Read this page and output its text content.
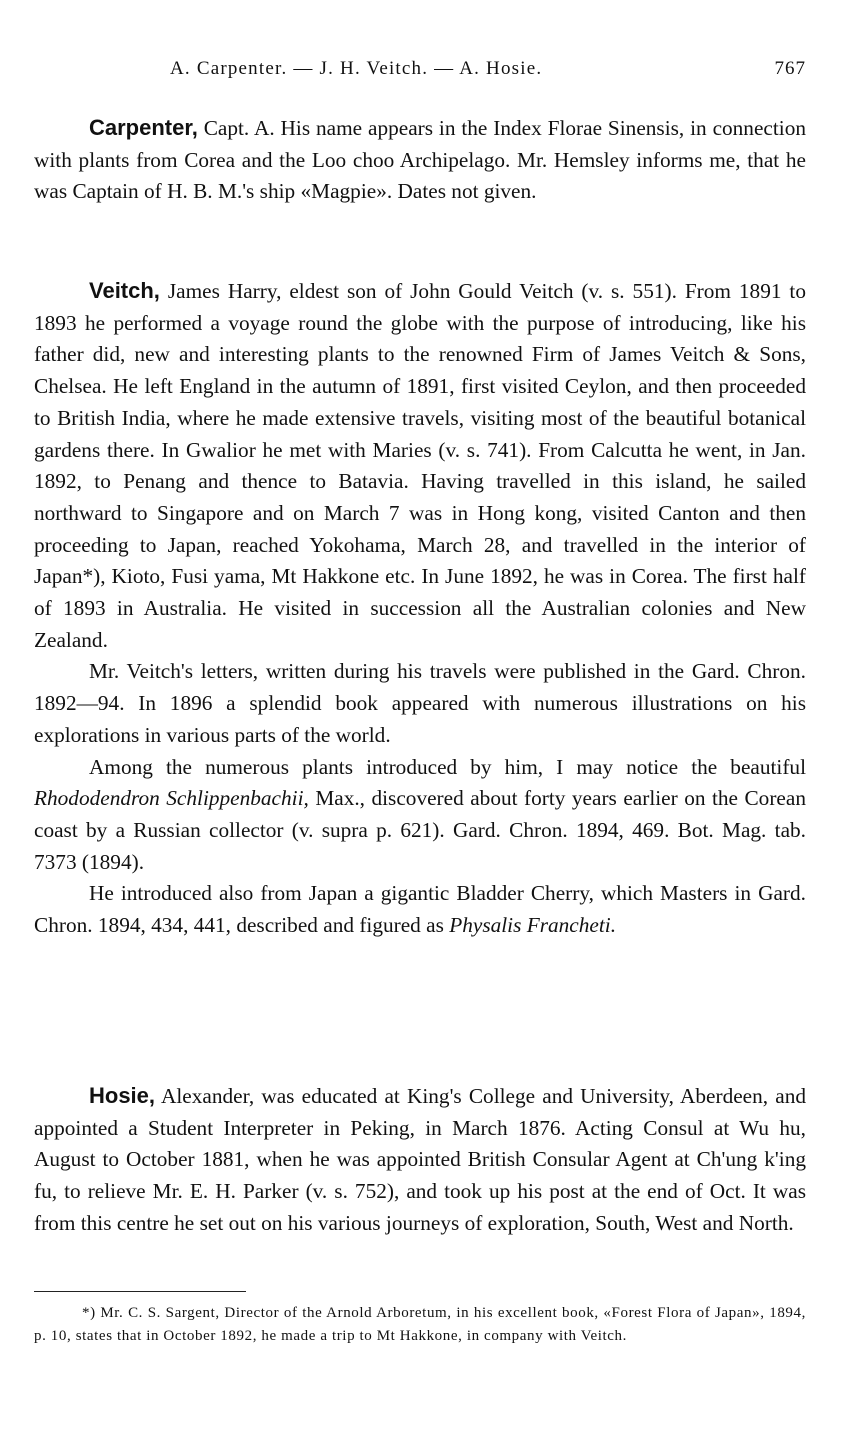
A. Carpenter. — J. H. Veitch. — A. Hosie.	767

Carpenter, Capt. A. His name appears in the Index Florae Sinensis, in connection with plants from Corea and the Loo choo Archipelago. Mr. Hemsley informs me, that he was Captain of H. B. M.'s ship «Magpie». Dates not given.

Veitch, James Harry, eldest son of John Gould Veitch (v. s. 551). From 1891 to 1893 he performed a voyage round the globe with the purpose of introducing, like his father did, new and interesting plants to the renowned Firm of James Veitch & Sons, Chelsea. He left England in the autumn of 1891, first visited Ceylon, and then proceeded to British India, where he made extensive travels, visiting most of the beautiful botanical gardens there. In Gwalior he met with Maries (v. s. 741). From Calcutta he went, in Jan. 1892, to Penang and thence to Batavia. Having travelled in this island, he sailed northward to Singapore and on March 7 was in Hong kong, visited Canton and then proceeding to Japan, reached Yokohama, March 28, and travelled in the interior of Japan*), Kioto, Fusi yama, Mt Hakkone etc. In June 1892, he was in Corea. The first half of 1893 in Australia. He visited in succession all the Australian colonies and New Zealand.

Mr. Veitch's letters, written during his travels were published in the Gard. Chron. 1892—94. In 1896 a splendid book appeared with numerous illustrations on his explorations in various parts of the world.

Among the numerous plants introduced by him, I may notice the beautiful Rhododendron Schlippenbachii, Max., discovered about forty years earlier on the Corean coast by a Russian collector (v. supra p. 621). Gard. Chron. 1894, 469. Bot. Mag. tab. 7373 (1894).

He introduced also from Japan a gigantic Bladder Cherry, which Masters in Gard. Chron. 1894, 434, 441, described and figured as Physalis Francheti.

Hosie, Alexander, was educated at King's College and University, Aberdeen, and appointed a Student Interpreter in Peking, in March 1876. Acting Consul at Wu hu, August to October 1881, when he was appointed British Consular Agent at Ch'ung k'ing fu, to relieve Mr. E. H. Parker (v. s. 752), and took up his post at the end of Oct. It was from this centre he set out on his various journeys of exploration, South, West and North.

*) Mr. C. S. Sargent, Director of the Arnold Arboretum, in his excellent book, «Forest Flora of Japan», 1894, p. 10, states that in October 1892, he made a trip to Mt Hakkone, in company with Veitch.
